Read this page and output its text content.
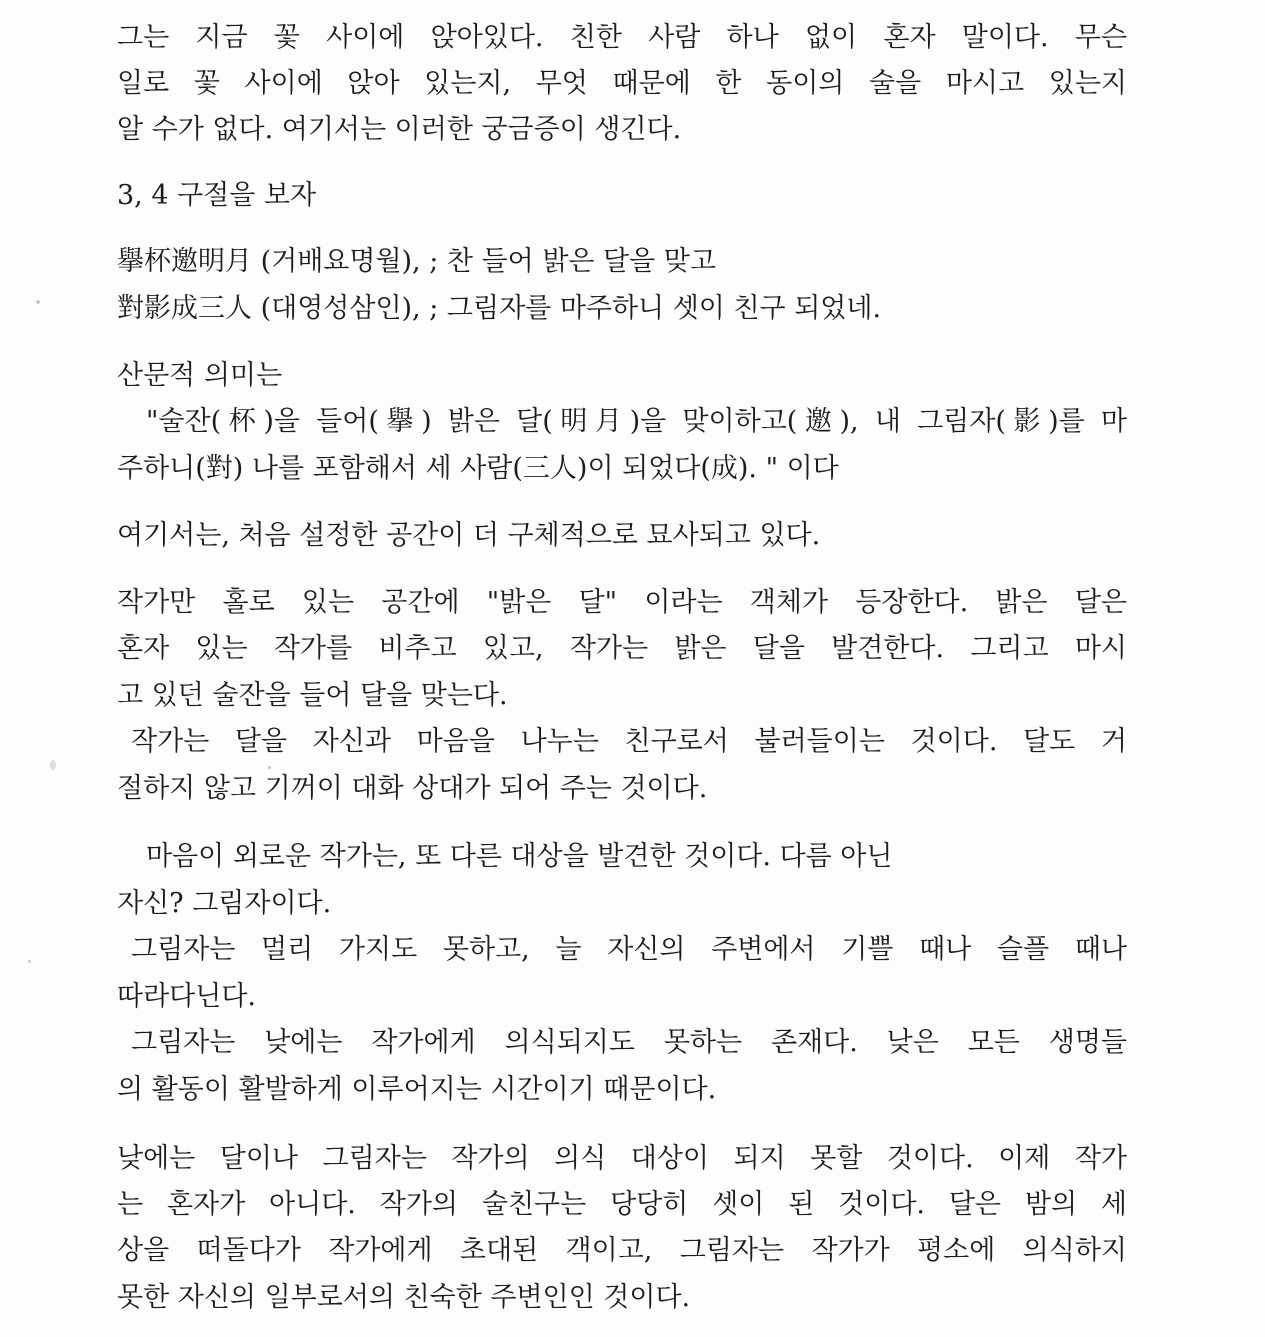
그는 지금 꽃 사이에 앉아있다. 친한 사람 하나 없이 혼자 말이다. 무슨
일로 꽃 사이에 앉아 있는지, 무엇 때문에 한 동이의 술을 마시고 있는지
알 수가 없다. 여기서는 이러한 궁금증이 생긴다.
3, 4 구절을 보자
擧杯邀明月 (거배요명월), ; 찬 들어 밝은 달을 맞고
對影成三人 (대영성삼인), ; 그림자를 마주하니 셋이 친구 되었네.
산문적 의미는
"술잔(杯)을 들어(擧) 밝은 달(明月)을 맞이하고(邀), 내 그림자(影)를 마
주하니(對) 나를 포함해서 세 사람(三人)이 되었다(成). " 이다
여기서는, 처음 설정한 공간이 더 구체적으로 묘사되고 있다.
작가만 홀로 있는 공간에 "밝은 달" 이라는 객체가 등장한다. 밝은 달은
혼자 있는 작가를 비추고 있고, 작가는 밝은 달을 발견한다. 그리고 마시
고 있던 술잔을 들어 달을 맞는다.
작가는 달을 자신과 마음을 나누는 친구로서 불러들이는 것이다. 달도 거
절하지 않고 기꺼이 대화 상대가 되어 주는 것이다.
마음이 외로운 작가는, 또 다른 대상을 발견한 것이다. 다름 아닌
자신? 그림자이다.
그림자는 멀리 가지도 못하고, 늘 자신의 주변에서 기쁠 때나 슬플 때나
따라다닌다.
그림자는 낮에는 작가에게 의식되지도 못하는 존재다. 낮은 모든 생명들
의 활동이 활발하게 이루어지는 시간이기 때문이다.
낮에는 달이나 그림자는 작가의 의식 대상이 되지 못할 것이다. 이제 작가
는 혼자가 아니다. 작가의 술친구는 당당히 셋이 된 것이다. 달은 밤의 세
상을 떠돌다가 작가에게 초대된 객이고, 그림자는 작가가 평소에 의식하지
못한 자신의 일부로서의 친숙한 주변인인 것이다.
